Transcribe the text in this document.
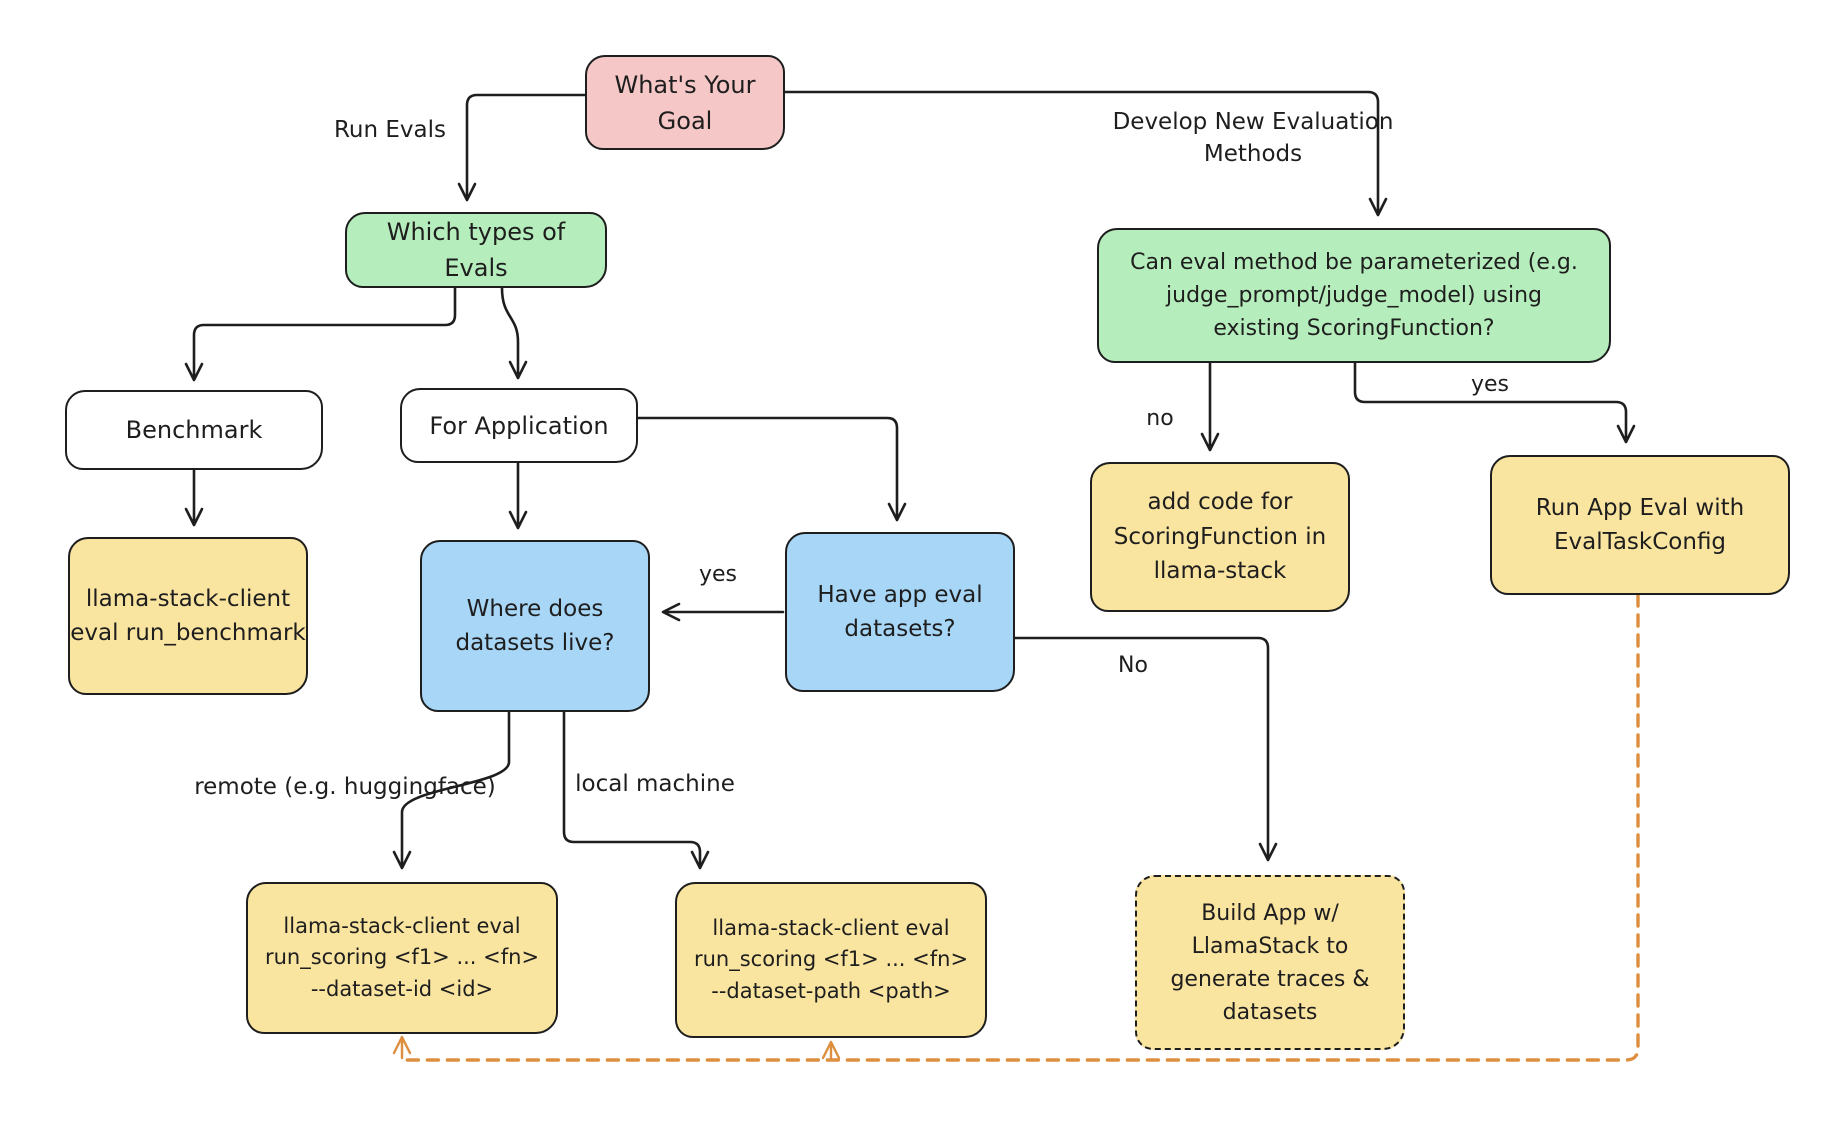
What's Your
Goal
Which types of
Evals
Benchmark	For Application
llama-stack-client
eval run_benchmark
Where does
datasets live?
Have app eval
datasets?
Can eval method be parameterized (e.g.
judge_prompt/judge_model) using
existing ScoringFunction?
add code for
ScoringFunction in
llama-stack
Run App Eval with
EvalTaskConfig
llama-stack-client eval
run_scoring <f1> ... <fn>
--dataset-id <id>
llama-stack-client eval
run_scoring <f1> ... <fn>
--dataset-path <path>
Build App w/
LlamaStack to
generate traces &
datasets
Run Evals	Develop New Evaluation
Methods
no
yes
yes
No
remote (e.g. huggingface)	local machine
